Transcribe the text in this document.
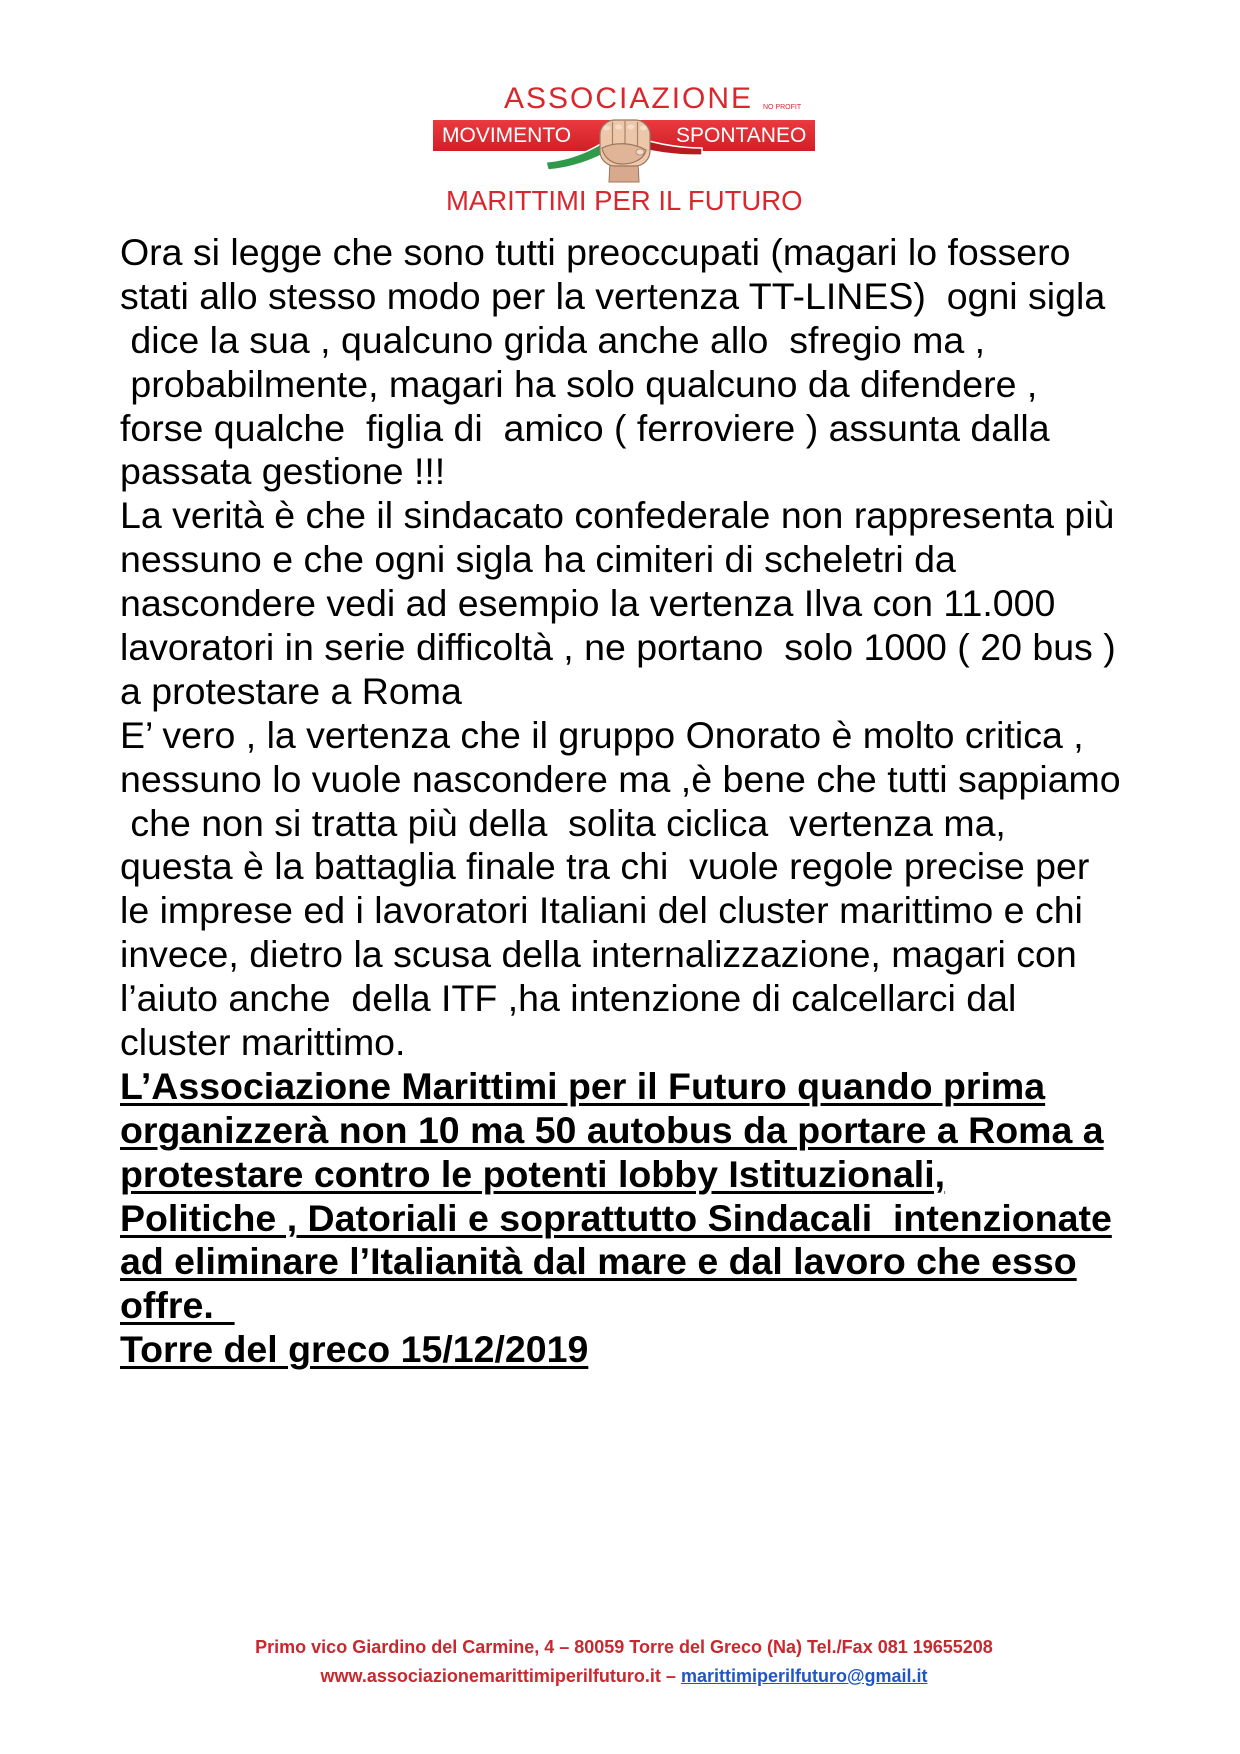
ASSOCIAZIONE NO PROFIT
MOVIMENTO	SPONTANEO
MARITTIMI PER IL FUTURO
Ora si legge che sono tutti preoccupati (magari lo fossero
stati allo stesso modo per la vertenza TT-LINES)  ogni sigla
dice la sua , qualcuno grida anche allo  sfregio ma ,
probabilmente, magari ha solo qualcuno da difendere ,
forse qualche  figlia di  amico ( ferroviere ) assunta dalla
passata gestione !!!
La verità è che il sindacato confederale non rappresenta più
nessuno e che ogni sigla ha cimiteri di scheletri da
nascondere vedi ad esempio la vertenza Ilva con 11.000
lavoratori in serie difficoltà , ne portano  solo 1000 ( 20 bus )
a protestare a Roma
E’ vero , la vertenza che il gruppo Onorato è molto critica ,
nessuno lo vuole nascondere ma ,è bene che tutti sappiamo
che non si tratta più della  solita ciclica  vertenza ma,
questa è la battaglia finale tra chi  vuole regole precise per
le imprese ed i lavoratori Italiani del cluster marittimo e chi
invece, dietro la scusa della internalizzazione, magari con
l’aiuto anche  della ITF ,ha intenzione di calcellarci dal
cluster marittimo.
L’Associazione Marittimi per il Futuro quando prima
organizzerà non 10 ma 50 autobus da portare a Roma a
protestare contro le potenti lobby Istituzionali,
Politiche , Datoriali e soprattutto Sindacali  intenzionate
ad eliminare l’Italianità dal mare e dal lavoro che esso
offre.
Torre del greco 15/12/2019
Primo vico Giardino del Carmine, 4 – 80059 Torre del Greco (Na) Tel./Fax 081 19655208
www.associazionemarittimiperilfuturo.it – marittimiperilfuturo@gmail.it
